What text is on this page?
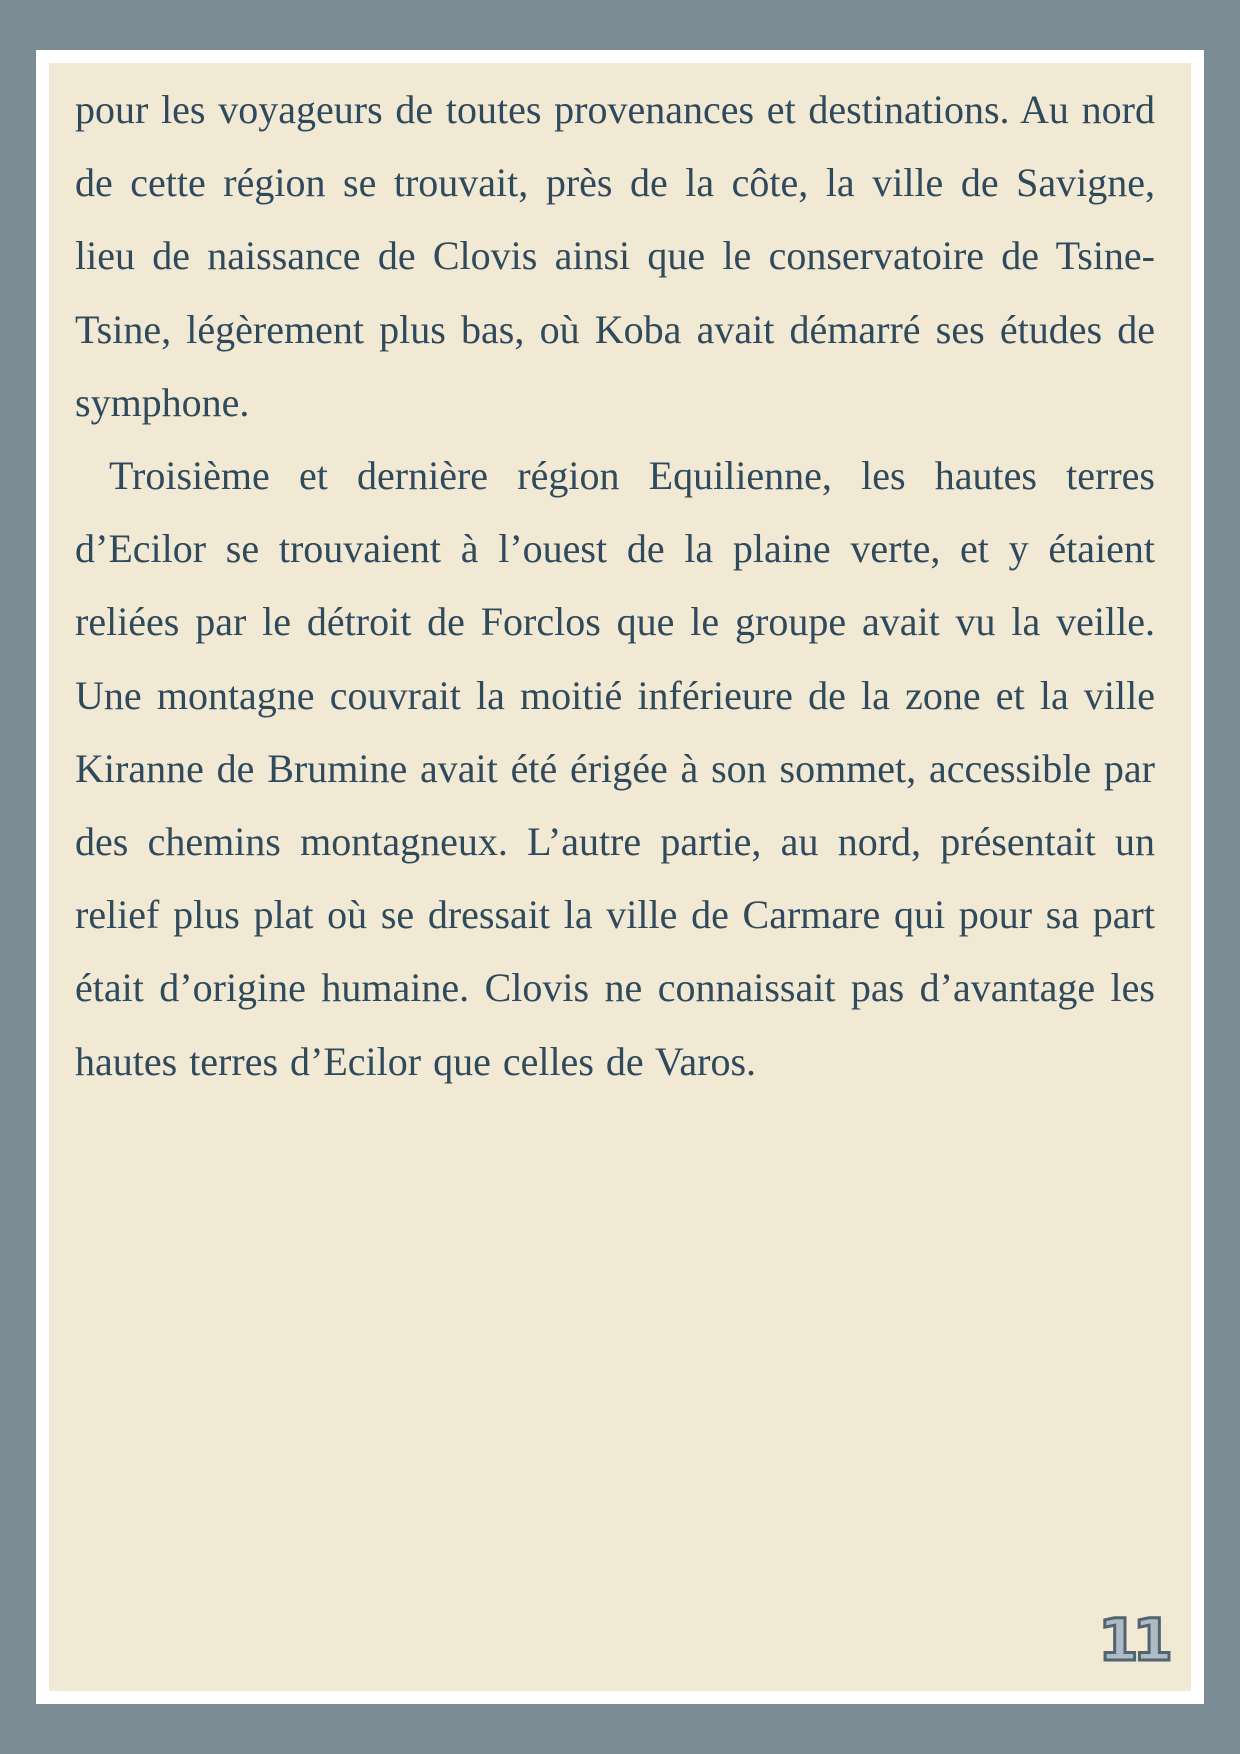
pour les voyageurs de toutes provenances et destinations. Au nord de cette région se trouvait, près de la côte, la ville de Savigne, lieu de naissance de Clovis ainsi que le conservatoire de Tsine-Tsine, légèrement plus bas, où Koba avait démarré ses études de symphone.

Troisième et dernière région Equilienne, les hautes terres d’Ecilor se trouvaient à l’ouest de la plaine verte, et y étaient reliées par le détroit de Forclos que le groupe avait vu la veille. Une montagne couvrait la moitié inférieure de la zone et la ville Kiranne de Brumine avait été érigée à son sommet, accessible par des chemins montagneux. L’autre partie, au nord, présentait un relief plus plat où se dressait la ville de Carmare qui pour sa part était d’origine humaine. Clovis ne connaissait pas d’avantage les hautes terres d’Ecilor que celles de Varos.

11
